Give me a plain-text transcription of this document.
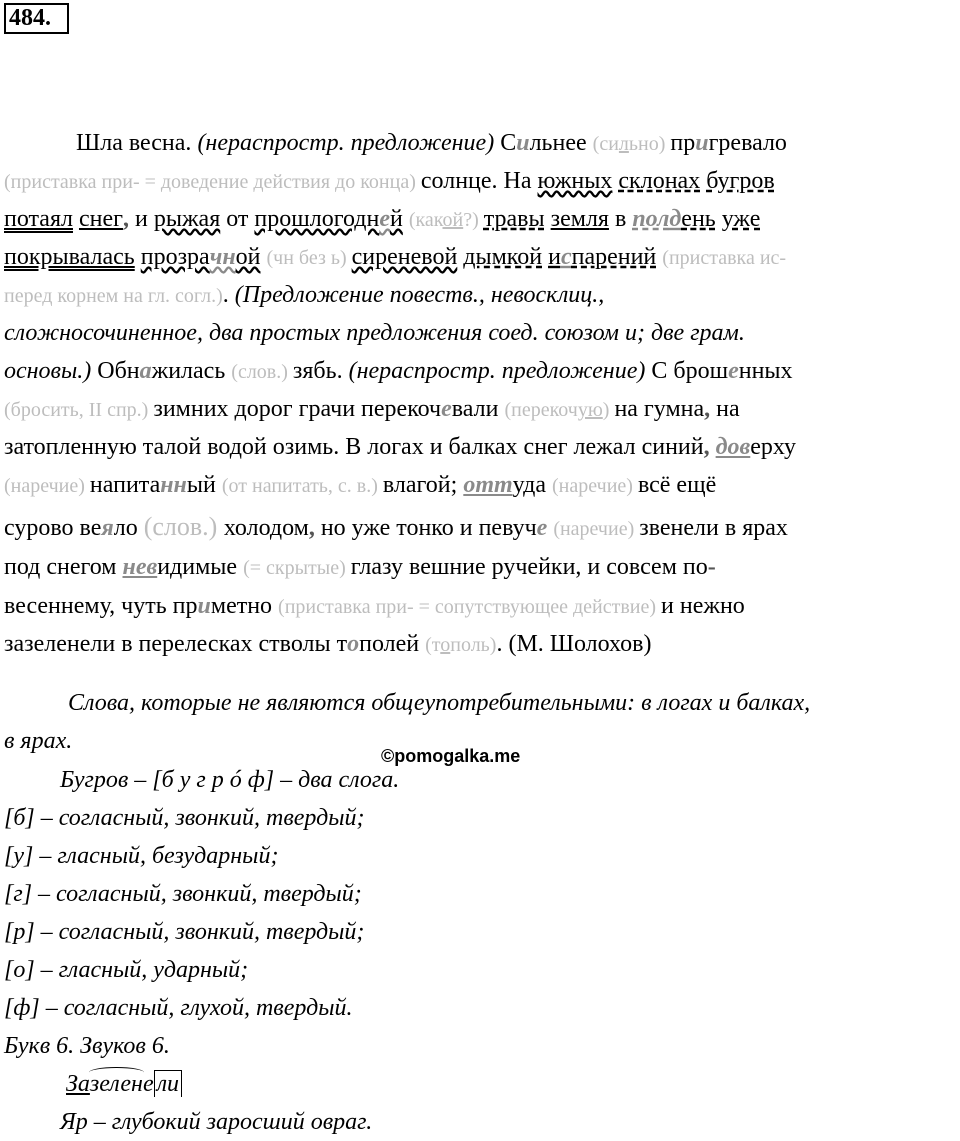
484.
Шла весна. (нераспростр. предложение) Сильнее (сильно) пригревало
(приставка при- = доведение действия до конца) солнце. На южных склонах бугров
потаял снег, и рыжая от прошлогодней (какой?) травы земля в полдень уже
покрывалась прозрачной (чн без ь) сиреневой дымкой испарений (приставка ис-
перед корнем на гл. согл.). (Предложение повеств., невосклиц.,
сложносочиненное, два простых предложения соед. союзом и; две грам.
основы.) Обнажилась (слов.) зябь. (нераспростр. предложение) С брошенных
(бросить, II спр.) зимних дорог грачи перекочевали (перекочую) на гумна, на
затопленную талой водой озимь. В логах и балках снег лежал синий, доверху
(наречие) напитанный (от напитать, с. в.) влагой; оттуда (наречие) всё ещё
сурово веяло (слов.) холодом, но уже тонко и певуче (наречие) звенели в ярах
под снегом невидимые (= скрытые) глазу вешние ручейки, и совсем по-
весеннему, чуть приметно (приставка при- = сопутствующее действие) и нежно
зазеленели в перелесках стволы тополей (тополь). (М. Шолохов)
©pomogalka.me
Слова, которые не являются общеупотребительными: в логах и балках,
в ярах.
Бугров – [б у г р ó ф] – два слога.
[б] – согласный, звонкий, твердый;
[у] – гласный, безударный;
[г] – согласный, звонкий, твердый;
[р] – согласный, звонкий, твердый;
[о] – гласный, ударный;
[ф] – согласный, глухой, твердый.
Букв 6. Звуков 6.
Зазелене ли
Яр – глубокий заросший овраг.
